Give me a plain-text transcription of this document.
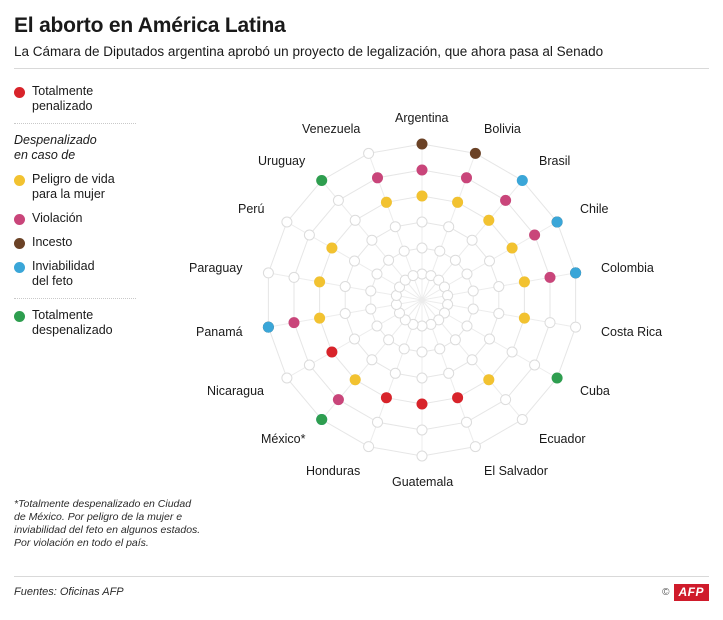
El aborto en América Latina
La Cámara de Diputados argentina aprobó un proyecto de legalización, que ahora pasa al Senado
Totalmente
penalizado
Despenalizado
en caso de
Peligro de vida
para la mujer
Violación
Incesto
Inviabilidad
del feto
Totalmente
despenalizado
Argentina
Bolivia
Brasil
Chile
Colombia
Costa Rica
Cuba
Ecuador
El Salvador
Guatemala
Honduras
México*
Nicaragua
Panamá
Paraguay
Perú
Uruguay
Venezuela
*Totalmente despenalizado en Ciudad de México. Por peligro de la mujer e inviabilidad del feto en algunos estados. Por violación en todo el país.
Fuentes: Oficinas AFP	© AFP
